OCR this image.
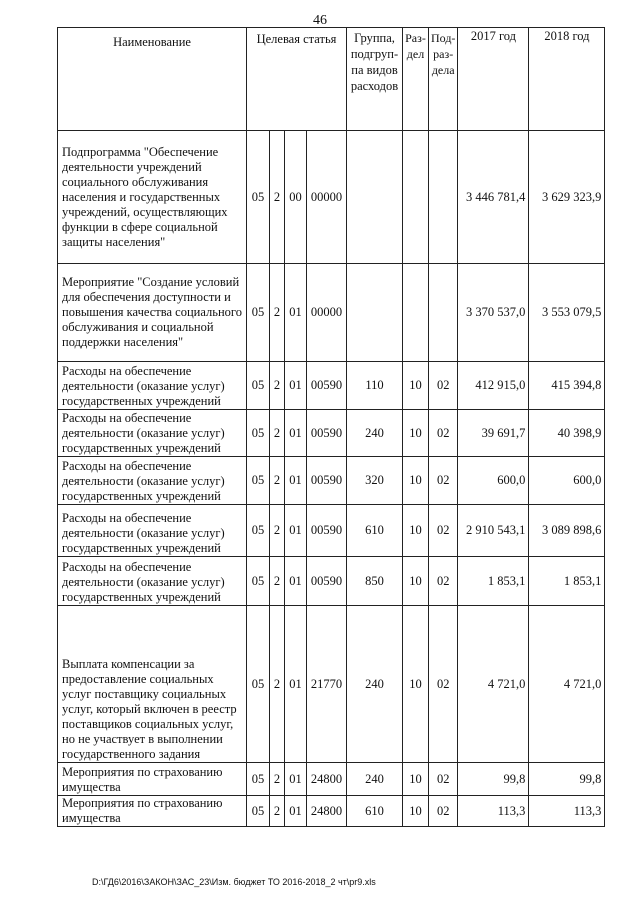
46
Наименование	Целевая статья				Группа, подгруп-па видов расходов	Раз-дел	Под-раз-дела	2017 год	2018 год
Подпрограмма "Обеспечение деятельности учреждений социального обслуживания населения и государственных учреждений, осуществляющих функции в сфере социальной защиты населения"	05	2	00	00000				3 446 781,4	3 629 323,9
Мероприятие "Создание условий для обеспечения доступности и повышения качества социального обслуживания и социальной поддержки населения"	05	2	01	00000				3 370 537,0	3 553 079,5
Расходы на обеспечение деятельности (оказание услуг) государственных учреждений	05	2	01	00590	110	10	02	412 915,0	415 394,8
Расходы на обеспечение деятельности (оказание услуг) государственных учреждений	05	2	01	00590	240	10	02	39 691,7	40 398,9
Расходы на обеспечение деятельности (оказание услуг) государственных учреждений	05	2	01	00590	320	10	02	600,0	600,0
Расходы на обеспечение деятельности (оказание услуг) государственных учреждений	05	2	01	00590	610	10	02	2 910 543,1	3 089 898,6
Расходы на обеспечение деятельности (оказание услуг) государственных учреждений	05	2	01	00590	850	10	02	1 853,1	1 853,1
Выплата компенсации за предоставление социальных услуг поставщику социальных услуг, который включен в реестр поставщиков социальных услуг, но не участвует в выполнении государственного задания	05	2	01	21770	240	10	02	4 721,0	4 721,0
Мероприятия по страхованию имущества	05	2	01	24800	240	10	02	99,8	99,8
Мероприятия по страхованию имущества	05	2	01	24800	610	10	02	113,3	113,3
D:\ГД6\2016\ЗАКОН\ЗАС_23\Изм. бюджет ТО 2016-2018_2 чт\pr9.xls
